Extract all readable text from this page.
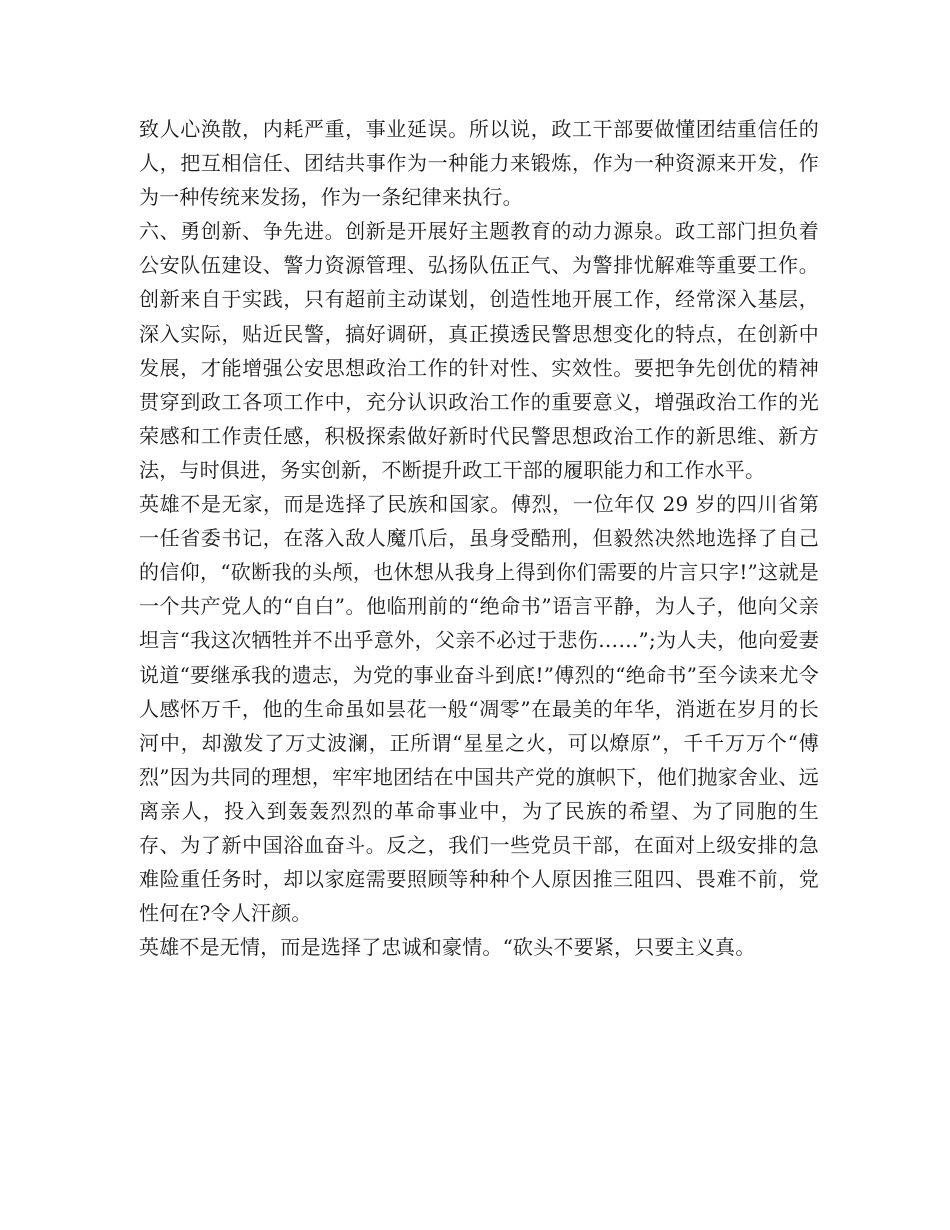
致人心涣散，内耗严重，事业延误。所以说，政工干部要做懂团结重信任的人，把互相信任、团结共事作为一种能力来锻炼，作为一种资源来开发，作为一种传统来发扬，作为一条纪律来执行。

六、勇创新、争先进。创新是开展好主题教育的动力源泉。政工部门担负着公安队伍建设、警力资源管理、弘扬队伍正气、为警排忧解难等重要工作。创新来自于实践，只有超前主动谋划，创造性地开展工作，经常深入基层，深入实际，贴近民警，搞好调研，真正摸透民警思想变化的特点，在创新中发展，才能增强公安思想政治工作的针对性、实效性。要把争先创优的精神贯穿到政工各项工作中，充分认识政治工作的重要意义，增强政治工作的光荣感和工作责任感，积极探索做好新时代民警思想政治工作的新思维、新方法，与时俱进，务实创新，不断提升政工干部的履职能力和工作水平。

英雄不是无家，而是选择了民族和国家。傅烈，一位年仅 29 岁的四川省第一任省委书记，在落入敌人魔爪后，虽身受酷刑，但毅然决然地选择了自己的信仰，“砍断我的头颅，也休想从我身上得到你们需要的片言只字!”这就是一个共产党人的“自白”。他临刑前的“绝命书”语言平静，为人子，他向父亲坦言“我这次牺牲并不出乎意外，父亲不必过于悲伤……”;为人夫，他向爱妻说道“要继承我的遗志，为党的事业奋斗到底!”傅烈的“绝命书”至今读来尤令人感怀万千，他的生命虽如昙花一般“凋零”在最美的年华，消逝在岁月的长河中，却激发了万丈波澜，正所谓“星星之火，可以燎原”，千千万万个“傅烈”因为共同的理想，牢牢地团结在中国共产党的旗帜下，他们抛家舍业、远离亲人，投入到轰轰烈烈的革命事业中，为了民族的希望、为了同胞的生存、为了新中国浴血奋斗。反之，我们一些党员干部，在面对上级安排的急难险重任务时，却以家庭需要照顾等种种个人原因推三阻四、畏难不前，党性何在?令人汗颜。

英雄不是无情，而是选择了忠诚和豪情。“砍头不要紧，只要主义真。
